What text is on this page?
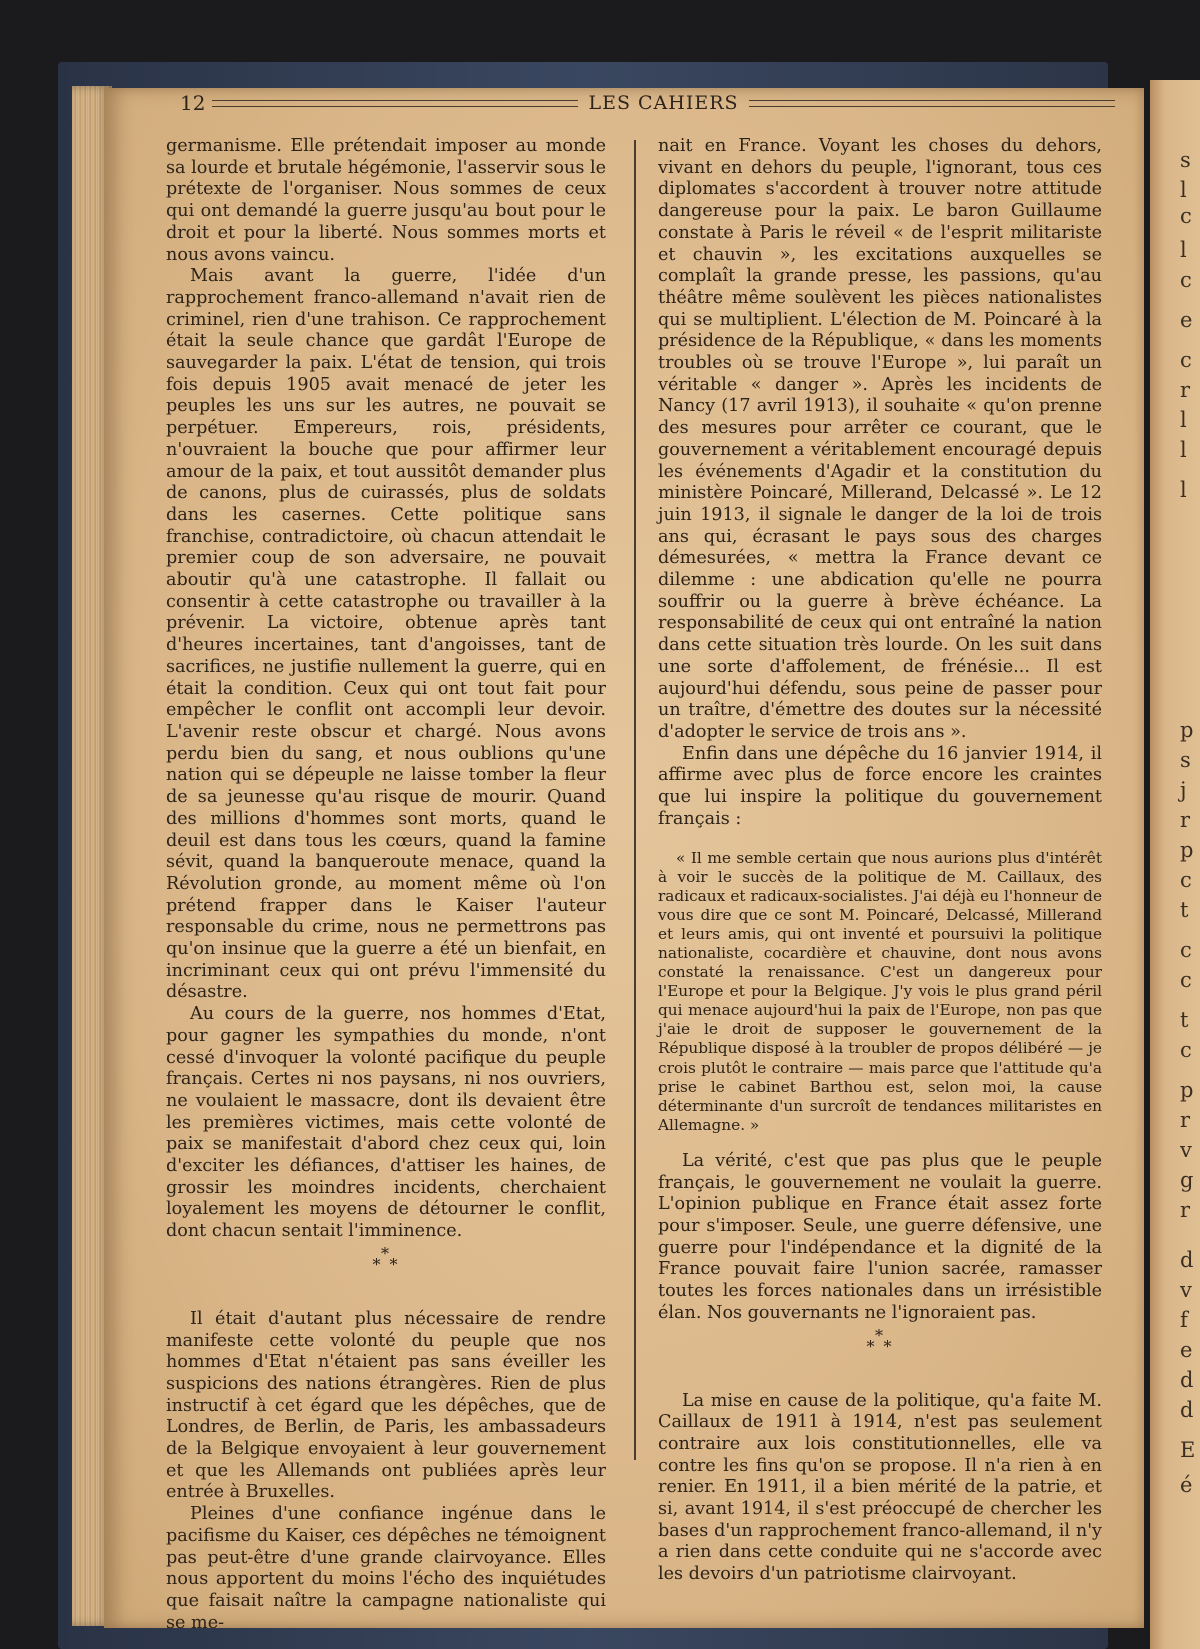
s
l
c
l
c
e
c
r
l
l
l
p
s
j
r
p
c
t
c
c
t
c
p
r
v
g
r
d
v
f
e
d
d
E
é
12	LES CAHIERS

germanisme. Elle prétendait imposer au monde sa lourde et brutale hégémonie, l'asservir sous le prétexte de l'organiser. Nous sommes de ceux qui ont demandé la guerre jusqu'au bout pour le droit et pour la liberté. Nous sommes morts et nous avons vaincu.

Mais avant la guerre, l'idée d'un rapprochement franco-allemand n'avait rien de criminel, rien d'une trahison. Ce rapprochement était la seule chance que gardât l'Europe de sauvegarder la paix. L'état de tension, qui trois fois depuis 1905 avait menacé de jeter les peuples les uns sur les autres, ne pouvait se perpétuer. Empereurs, rois, présidents, n'ouvraient la bouche que pour affirmer leur amour de la paix, et tout aussitôt demander plus de canons, plus de cuirassés, plus de soldats dans les casernes. Cette politique sans franchise, contradictoire, où chacun attendait le premier coup de son adversaire, ne pouvait aboutir qu'à une catastrophe. Il fallait ou consentir à cette catastrophe ou travailler à la prévenir. La victoire, obtenue après tant d'heures incertaines, tant d'angoisses, tant de sacrifices, ne justifie nullement la guerre, qui en était la condition. Ceux qui ont tout fait pour empêcher le conflit ont accompli leur devoir. L'avenir reste obscur et chargé. Nous avons perdu bien du sang, et nous oublions qu'une nation qui se dépeuple ne laisse tomber la fleur de sa jeunesse qu'au risque de mourir. Quand des millions d'hommes sont morts, quand le deuil est dans tous les cœurs, quand la famine sévit, quand la banqueroute menace, quand la Révolution gronde, au moment même où l'on prétend frapper dans le Kaiser l'auteur responsable du crime, nous ne permettrons pas qu'on insinue que la guerre a été un bienfait, en incriminant ceux qui ont prévu l'immensité du désastre.

Au cours de la guerre, nos hommes d'Etat, pour gagner les sympathies du monde, n'ont cessé d'invoquer la volonté pacifique du peuple français. Certes ni nos paysans, ni nos ouvriers, ne voulaient le massacre, dont ils devaient être les premières victimes, mais cette volonté de paix se manifestait d'abord chez ceux qui, loin d'exciter les défiances, d'attiser les haines, de grossir les moindres incidents, cherchaient loyalement les moyens de détourner le conflit, dont chacun sentait l'imminence.

*
* *

Il était d'autant plus nécessaire de rendre manifeste cette volonté du peuple que nos hommes d'Etat n'étaient pas sans éveiller les suspicions des nations étrangères. Rien de plus instructif à cet égard que les dépêches, que de Londres, de Berlin, de Paris, les ambassadeurs de la Belgique envoyaient à leur gouvernement et que les Allemands ont publiées après leur entrée à Bruxelles.

Pleines d'une confiance ingénue dans le pacifisme du Kaiser, ces dépêches ne témoignent pas peut-être d'une grande clairvoyance. Elles nous apportent du moins l'écho des inquiétudes que faisait naître la campagne nationaliste qui se me-

nait en France. Voyant les choses du dehors, vivant en dehors du peuple, l'ignorant, tous ces diplomates s'accordent à trouver notre attitude dangereuse pour la paix. Le baron Guillaume constate à Paris le réveil « de l'esprit militariste et chauvin », les excitations auxquelles se complaît la grande presse, les passions, qu'au théâtre même soulèvent les pièces nationalistes qui se multiplient. L'élection de M. Poincaré à la présidence de la République, « dans les moments troubles où se trouve l'Europe », lui paraît un véritable « danger ». Après les incidents de Nancy (17 avril 1913), il souhaite « qu'on prenne des mesures pour arrêter ce courant, que le gouvernement a véritablement encouragé depuis les événements d'Agadir et la constitution du ministère Poincaré, Millerand, Delcassé ». Le 12 juin 1913, il signale le danger de la loi de trois ans qui, écrasant le pays sous des charges démesurées, « mettra la France devant ce dilemme : une abdication qu'elle ne pourra souffrir ou la guerre à brève échéance. La responsabilité de ceux qui ont entraîné la nation dans cette situation très lourde. On les suit dans une sorte d'affolement, de frénésie... Il est aujourd'hui défendu, sous peine de passer pour un traître, d'émettre des doutes sur la nécessité d'adopter le service de trois ans ».

Enfin dans une dépêche du 16 janvier 1914, il affirme avec plus de force encore les craintes que lui inspire la politique du gouvernement français :

« Il me semble certain que nous aurions plus d'intérêt à voir le succès de la politique de M. Caillaux, des radicaux et radicaux-socialistes. J'ai déjà eu l'honneur de vous dire que ce sont M. Poincaré, Delcassé, Millerand et leurs amis, qui ont inventé et poursuivi la politique nationaliste, cocardière et chauvine, dont nous avons constaté la renaissance. C'est un dangereux pour l'Europe et pour la Belgique. J'y vois le plus grand péril qui menace aujourd'hui la paix de l'Europe, non pas que j'aie le droit de supposer le gouvernement de la République disposé à la troubler de propos délibéré — je crois plutôt le contraire — mais parce que l'attitude qu'a prise le cabinet Barthou est, selon moi, la cause déterminante d'un surcroît de tendances militaristes en Allemagne. »

La vérité, c'est que pas plus que le peuple français, le gouvernement ne voulait la guerre. L'opinion publique en France était assez forte pour s'imposer. Seule, une guerre défensive, une guerre pour l'indépendance et la dignité de la France pouvait faire l'union sacrée, ramasser toutes les forces nationales dans un irrésistible élan. Nos gouvernants ne l'ignoraient pas.

*
* *

La mise en cause de la politique, qu'a faite M. Caillaux de 1911 à 1914, n'est pas seulement contraire aux lois constitutionnelles, elle va contre les fins qu'on se propose. Il n'a rien à en renier. En 1911, il a bien mérité de la patrie, et si, avant 1914, il s'est préoccupé de chercher les bases d'un rapprochement franco-allemand, il n'y a rien dans cette conduite qui ne s'accorde avec les devoirs d'un patriotisme clairvoyant.
